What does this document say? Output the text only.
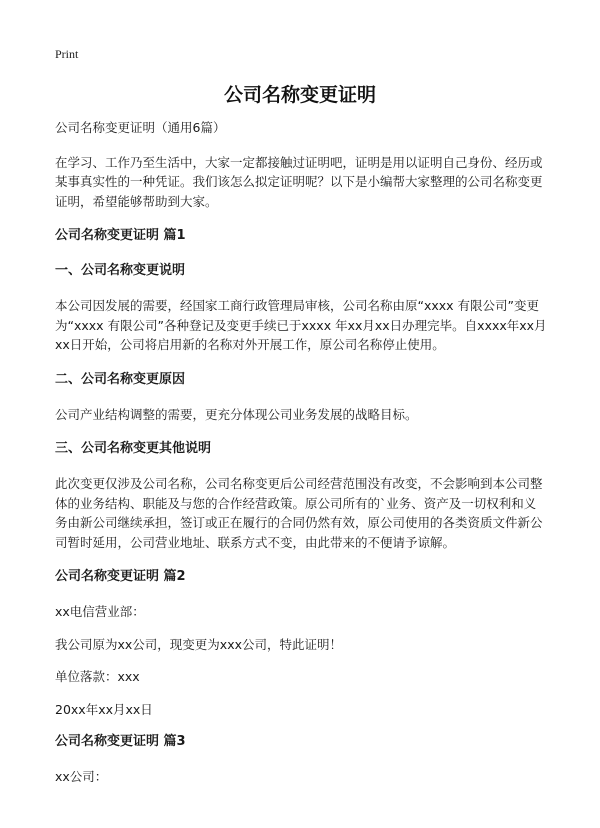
Print
公司名称变更证明

公司名称变更证明（通用6篇）

在学习、工作乃至生活中，大家一定都接触过证明吧，证明是用以证明自己身份、经历或某事真实性的一种凭证。我们该怎么拟定证明呢？以下是小编帮大家整理的公司名称变更证明，希望能够帮助到大家。

公司名称变更证明 篇1
一、公司名称变更说明

本公司因发展的需要，经国家工商行政管理局审核，公司名称由原“xxxx 有限公司”变更为“xxxx 有限公司”各种登记及变更手续已于xxxx 年xx月xx日办理完毕。自xxxx年xx月xx日开始，公司将启用新的名称对外开展工作，原公司名称停止使用。

二、公司名称变更原因

公司产业结构调整的需要，更充分体现公司业务发展的战略目标。

三、公司名称变更其他说明

此次变更仅涉及公司名称，公司名称变更后公司经营范围没有改变，不会影响到本公司整体的业务结构、职能及与您的合作经营政策。原公司所有的`业务、资产及一切权利和义务由新公司继续承担，签订或正在履行的合同仍然有效，原公司使用的各类资质文件新公司暂时延用，公司营业地址、联系方式不变，由此带来的不便请予谅解。

公司名称变更证明 篇2

xx电信营业部：

我公司原为xx公司，现变更为xxx公司，特此证明！

单位落款：xxx

20xx年xx月xx日

公司名称变更证明 篇3

xx公司：
